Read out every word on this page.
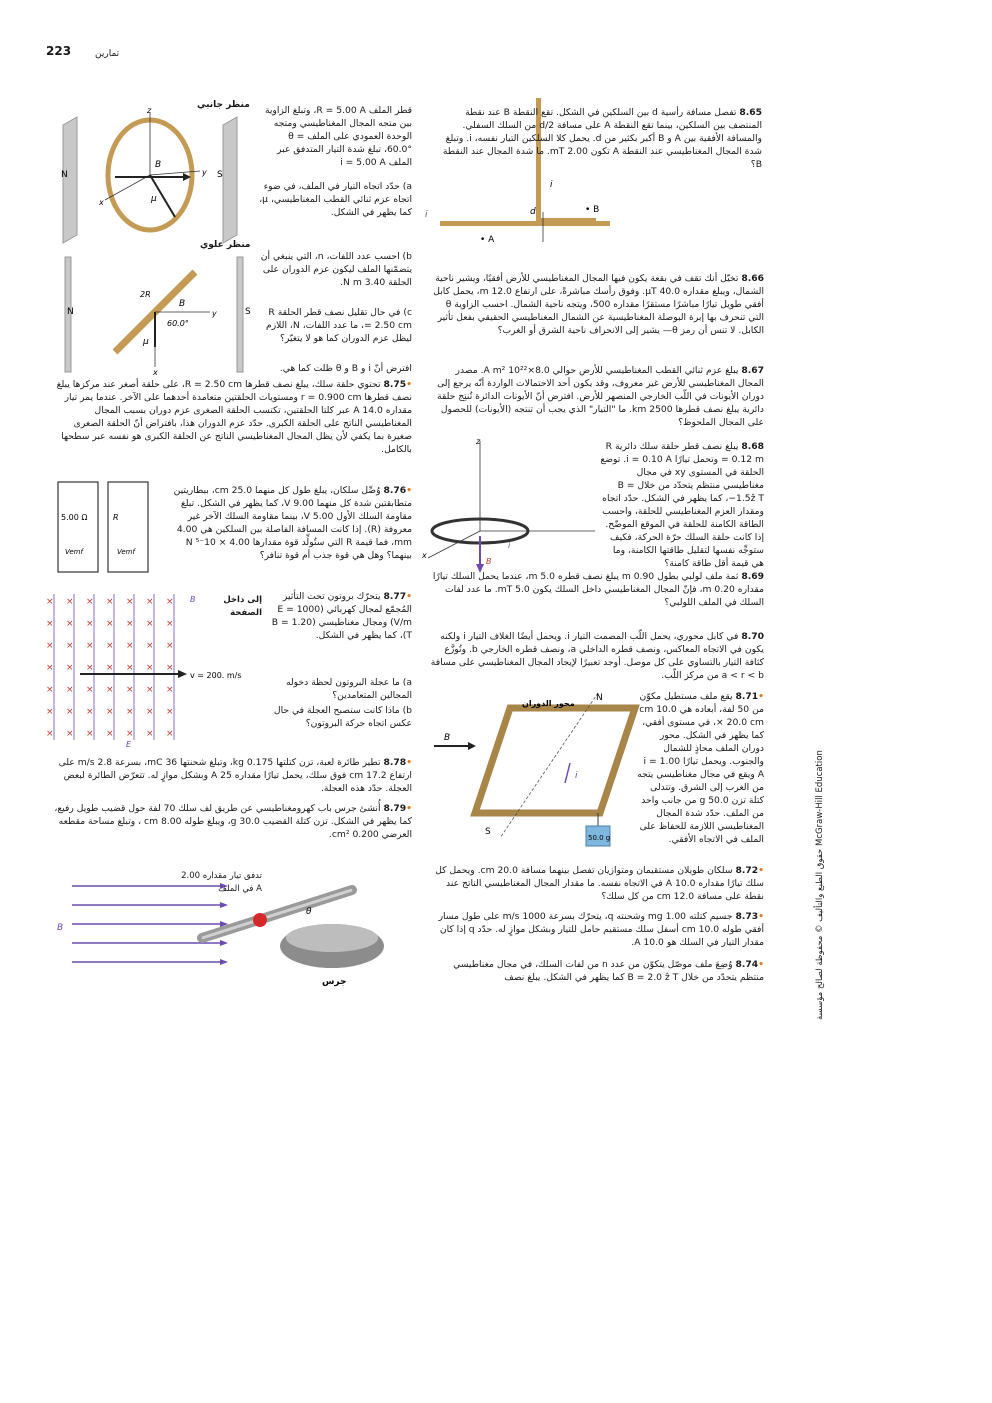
223	تمارين
حقوق الطبع والتأليف © محفوظة لصالح مؤسسة McGraw-Hill Education
d
i
i	• B
• A
8.65 تفصل مسافة رأسية d بين السلكين في الشكل. تقع النقطة B عند نقطة المنتصف بين السلكين، بينما تقع النقطة A على مسافة d/2 من السلك السفلي. والمسافة الأفقية بين A و B أكبر بكثير من d. يحمل كلا السلكين التيار نفسه، i. وتبلغ شدة المجال المغناطيسي عند النقطة A تكون 2.00 mT. ما شدة المجال عند النقطة B؟
8.66 تخيّل أنك تقف في بقعة يكون فيها المجال المغناطيسي للأرض أفقيًا، ويشير ناحية الشمال، ويبلغ مقداره 40.0 μT. وفوق رأسك مباشرةً، على ارتفاع 12.0 m، يحمل كابل أفقي طويل تيارًا مباشرًا مستقرًا مقداره 500، ويتجه ناحية الشمال. احسب الزاوية θ التي تنحرف بها إبرة البوصلة المغناطيسية عن الشمال المغناطيسي الحقيقي بفعل تأثير الكابل. لا تنس أن رمز θ— يشير إلى الانحراف ناحية الشرق أو الغرب؟
8.67 يبلغ عزم ثنائي القطب المغناطيسي للأرض حوالي 8.0×10²² A m². مصدر المجال المغناطيسي للأرض غير معروف، وقد يكون أحد الاحتمالات الواردة أنّه يرجع إلى دوران الأيونات في اللّب الخارجي المنصهر للأرض. افترض أنّ الأيونات الدائرة تُنتِج حلقة دائرية يبلغ نصف قطرها 2500 km. ما "التيار" الذي يجب أن تنتجه (الأيونات) للحصول على المجال الملحوظ؟
z
x
B
i
8.68 يبلغ نصف قطر حلقة سلك دائرية R = 0.12 m وتحمل تيارًا i = 0.10 A. توضع الحلقة في المستوى xy في مجال مغناطيسي منتظم يتحدّد من خلال B = −1.5ẑ T، كما يظهر في الشكل. حدّد اتجاه ومقدار العزم المغناطيسي للحلقة، واحسب الطاقة الكامنة للحلقة في الموقع الموضّح. إذا كانت حلقة السلك حرّة الحركة، فكيف ستوجِّه نفسها لتقليل طاقتها الكامنة، وما هي قيمة أقل طاقة كامنة؟
8.69 ثمة ملف لولبي بطول 0.90 m يبلغ نصف قطره 5.0 m، عندما يحمل السلك تيارًا مقداره 0.20 m، فإنّ المجال المغناطيسي داخل السلك يكون 5.0 mT. ما عدد لفات السلك في الملف اللولبي؟
8.70 في كابل محوري، يحمل اللّب المصمت التيار i. ويحمل أيضًا الغلاف التيار i ولكنه يكون في الاتجاه المعاكس، ونصف قطره الداخلي a، ونصف قطره الخارجي b. وتُوزَّع كثافة التيار بالتساوي على كل موصل. أوجد تعبيرًا لإيجاد المجال المغناطيسي على مسافة a < r < b من مركز اللّب.
محور الدوران
N
S
B
i
50.0 g
• 8.71 يقع ملف مستطيل مكوّن من 50 لفة، أبعاده هي 10.0 cm × 20.0 cm، في مستوى أفقي، كما يظهر في الشكل. محور دوران الملف محاذٍ للشمال والجنوب. ويحمل تيارًا i = 1.00 A ويقع في مجال مغناطيسي يتجه من الغرب إلى الشرق. وتتدلى كتلة تزن 50.0 g من جانب واحد من الملف. حدّد شدة المجال المغناطيسي اللازمة للحفاظ على الملف في الاتجاه الأفقي.
• 8.72 سلكان طويلان مستقيمان ومتوازيان تفصل بينهما مسافة 20.0 cm. ويحمل كل سلك تيارًا مقداره 10.0 A في الاتجاه نفسه. ما مقدار المجال المغناطيسي الناتج عند نقطة على مسافة 12.0 cm من كل سلك؟
• 8.73 جسيم كتلته 1.00 mg وشحنته q، يتحرّك بسرعة 1000 m/s على طول مسار أفقي طوله 10.0 cm أسفل سلك مستقيم حامل للتيار وبشكل موازٍ له. حدّد q إذا كان مقدار التيار في السلك هو 10.0 A.
• 8.74 وُضِعَ ملف موصّل يتكوّن من عدد n من لفات السلك، في مجال مغناطيسي منتظم يتحدّد من خلال B = 2.0 ẑ T كما يظهر في الشكل. يبلغ نصف
منظر جانبي
N	S
z
y
x
B
μ
منظر علوي
N	S
2R
y
x
B
μ
60.0°
قطر الملف R = 5.00 A، وتبلغ الزاوية بين متجه المجال المغناطيسي ومتجه الوحدة العمودي على الملف θ = 60.0°، تبلغ شدة التيار المتدفق عبر الملف i = 5.00 A
a) حدّد اتجاه التيار في الملف، في ضوء اتجاه عزم ثنائي القطب المغناطيسي، μ، كما يظهر في الشكل.
b) احسب عدد اللفات، n، التي ينبغي أن يتضمّنها الملف ليكون عزم الدوران على الحلقة 3.40 N m.
c) في حال تقليل نصف قطر الحلقة R = 2.50 cm، ما عدد اللفات، N، اللازم ليظل عزم الدوران كما هو لا يتغيّر؟
افترض أنّ i و B و θ ظلت كما هي.
• 8.75 تحتوي حلقة سلك، يبلغ نصف قطرها R = 2.50 cm، على حلقة أصغر عند مركزها يبلغ نصف قطرها r = 0.900 cm ومستويات الحلقتين متعامدة أحدهما على الآخر. عندما يمر تيار مقداره 14.0 A عبر كلتا الحلقتين، تكتسب الحلقة الصغرى عزم دوران بسبب المجال المغناطيسي الناتج على الحلقة الكبرى. حدّد عزم الدوران هذا، بافتراض أنّ الحلقة الصغرى صغيرة بما يكفي لأن يظل المجال المغناطيسي الناتج عن الحلقة الكبرى هو نفسه عبر سطحها بالكامل.
5.00 Ω	R
Vemf	Vemf
• 8.76 وُصِّل سلكان، يبلغ طول كل منهما 25.0 cm، ببطاريتين متطابقتين شدة كل منهما 9.00 V، كما يظهر في الشكل. تبلغ مقاومة السلك الأول 5.00 V، بينما مقاومة السلك الآخر غير معروفة (R). إذا كانت المسافة الفاصلة بين السلكين هي 4.00 mm، فما قيمة R التي ستُولِّد قوة مقدارها 4.00 × 10⁻⁵ N بينهما؟ وهل هي قوة جذب أم قوة تنافر؟
× × × × × × ×
× × × × × × ×
× × × × × × ×
× × × × × × ×
× × × × × × ×
× × × × × × ×
× × × × × × ×
B
v = 200. m/s
E
إلى داخل الصفحة
• 8.77 يتحرّك بروتون تحت التأثير المُجمّع لمجال كهربائي (E = 1000 V/m) ومجال مغناطيسي (B = 1.20 T)، كما يظهر في الشكل.
a) ما عجلة البروتون لحظة دخوله المجالين المتعامدين؟
b) ماذا كانت ستصبح العجلة في حال عكس اتجاه حركة البروتون؟
• 8.78 تطير طائرة لعبة، تزن كتلتها 0.175 kg، وتبلغ شحنتها 36 mC، بسرعة 2.8 m/s على ارتفاع 17.2 cm فوق سلك، يحمل تيارًا مقداره 25 A وبشكل موازٍ له. تتعرّض الطائرة لبعض العجلة. حدّد هذه العجلة.
• 8.79 أُنشئ جرس باب كهرومغناطيسي عن طريق لف سلك 70 لفة حول قضيب طويل رفيع، كما يظهر في الشكل. تزن كتلة القضيب 30.0 g، ويبلغ طوله 8.00 cm ، وتبلغ مساحة مقطعه العرضي 0.200 cm².
B
θ
جرس
تدفق تيار مقداره 2.00 A في الملف
